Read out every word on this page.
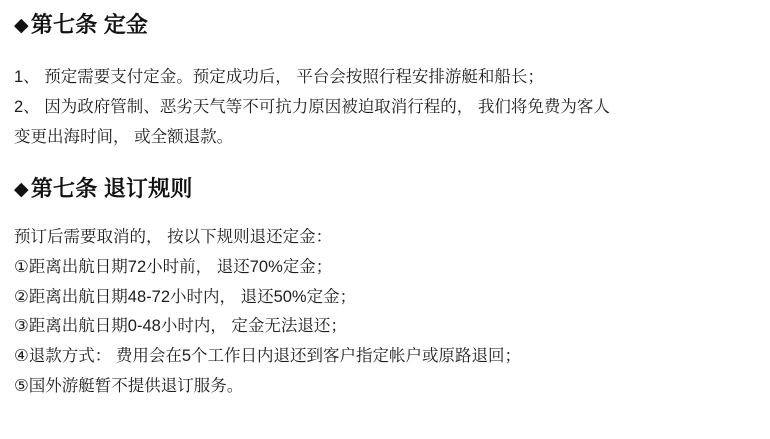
◆ 第七条 定金
1、 预定需要支付定金。预定成功后， 平台会按照行程安排游艇和船长；
2、 因为政府管制、恶劣天气等不可抗力原因被迫取消行程的， 我们将免费为客人
变更出海时间， 或全额退款。
◆ 第七条 退订规则
预订后需要取消的， 按以下规则退还定金：
①距离出航日期72小时前， 退还70%定金；
②距离出航日期48-72小时内， 退还50%定金；
③距离出航日期0-48小时内， 定金无法退还；
④退款方式： 费用会在5个工作日内退还到客户指定帐户或原路退回；
⑤国外游艇暂不提供退订服务。
